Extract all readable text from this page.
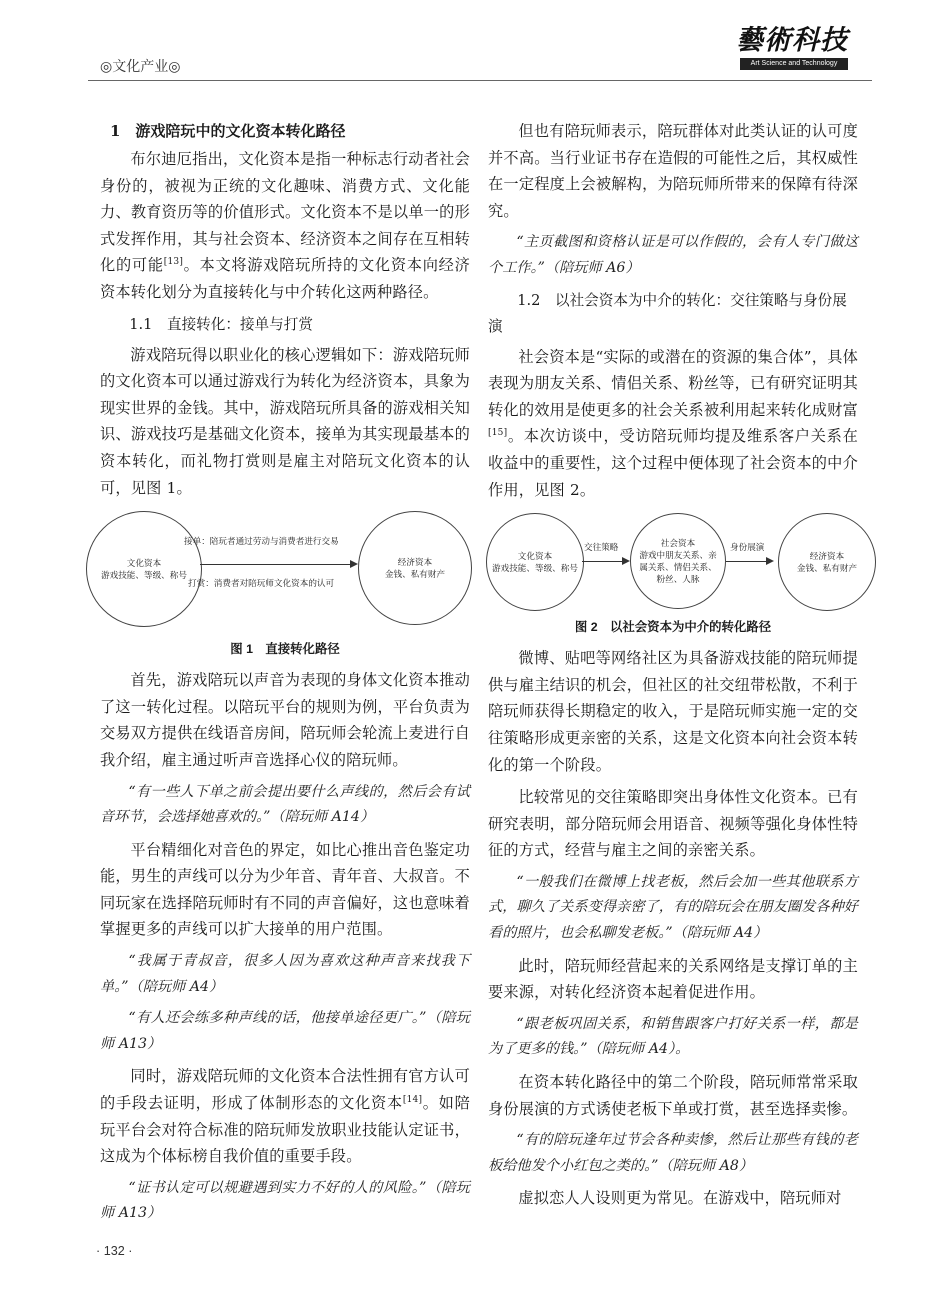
◎文化产业◎
藝術科技
Art Science and Technology
1　游戏陪玩中的文化资本转化路径

布尔迪厄指出，文化资本是指一种标志行动者社会身份的，被视为正统的文化趣味、消费方式、文化能力、教育资历等的价值形式。文化资本不是以单一的形式发挥作用，其与社会资本、经济资本之间存在互相转化的可能[13]。本文将游戏陪玩所持的文化资本向经济资本转化划分为直接转化与中介转化这两种路径。

1.1　直接转化：接单与打赏

游戏陪玩得以职业化的核心逻辑如下：游戏陪玩师的文化资本可以通过游戏行为转化为经济资本，具象为现实世界的金钱。其中，游戏陪玩所具备的游戏相关知识、游戏技巧是基础文化资本，接单为其实现最基本的资本转化，而礼物打赏则是雇主对陪玩文化资本的认可，见图 1。

文化资本
游戏技能、等级、称号
接单：陪玩者通过劳动与消费者进行交易
打赏：消费者对陪玩师文化资本的认可
经济资本
金钱、私有财产
图 1　直接转化路径

首先，游戏陪玩以声音为表现的身体文化资本推动了这一转化过程。以陪玩平台的规则为例，平台负责为交易双方提供在线语音房间，陪玩师会轮流上麦进行自我介绍，雇主通过听声音选择心仪的陪玩师。

“有一些人下单之前会提出要什么声线的，然后会有试音环节，会选择她喜欢的。”（陪玩师 A14）

平台精细化对音色的界定，如比心推出音色鉴定功能，男生的声线可以分为少年音、青年音、大叔音。不同玩家在选择陪玩师时有不同的声音偏好，这也意味着掌握更多的声线可以扩大接单的用户范围。

“我属于青叔音，很多人因为喜欢这种声音来找我下单。”（陪玩师 A4）

“有人还会练多种声线的话，他接单途径更广。”（陪玩师 A13）

同时，游戏陪玩师的文化资本合法性拥有官方认可的手段去证明，形成了体制形态的文化资本[14]。如陪玩平台会对符合标准的陪玩师发放职业技能认定证书，这成为个体标榜自我价值的重要手段。

“证书认定可以规避遇到实力不好的人的风险。”（陪玩师 A13）

但也有陪玩师表示，陪玩群体对此类认证的认可度并不高。当行业证书存在造假的可能性之后，其权威性在一定程度上会被解构，为陪玩师所带来的保障有待深究。

“主页截图和资格认证是可以作假的，会有人专门做这个工作。”（陪玩师 A6）

1.2　以社会资本为中介的转化：交往策略与身份展演

社会资本是“实际的或潜在的资源的集合体”，具体表现为朋友关系、情侣关系、粉丝等，已有研究证明其转化的效用是使更多的社会关系被利用起来转化成财富[15]。本次访谈中，受访陪玩师均提及维系客户关系在收益中的重要性，这个过程中便体现了社会资本的中介作用，见图 2。

文化资本
游戏技能、等级、称号
交往策略	社会资本
游戏中朋友关系、亲属关系、情侣关系、粉丝、人脉
身份展演
经济资本
金钱、私有财产
图 2　以社会资本为中介的转化路径

微博、贴吧等网络社区为具备游戏技能的陪玩师提供与雇主结识的机会，但社区的社交纽带松散，不利于陪玩师获得长期稳定的收入，于是陪玩师实施一定的交往策略形成更亲密的关系，这是文化资本向社会资本转化的第一个阶段。

比较常见的交往策略即突出身体性文化资本。已有研究表明，部分陪玩师会用语音、视频等强化身体性特征的方式，经营与雇主之间的亲密关系。

“一般我们在微博上找老板，然后会加一些其他联系方式，聊久了关系变得亲密了，有的陪玩会在朋友圈发各种好看的照片，也会私聊发老板。”（陪玩师 A4）

此时，陪玩师经营起来的关系网络是支撑订单的主要来源，对转化经济资本起着促进作用。

“跟老板巩固关系，和销售跟客户打好关系一样，都是为了更多的钱。”（陪玩师 A4）。

在资本转化路径中的第二个阶段，陪玩师常常采取身份展演的方式诱使老板下单或打赏，甚至选择卖惨。

“有的陪玩逢年过节会各种卖惨，然后让那些有钱的老板给他发个小红包之类的。”（陪玩师 A8）

虚拟恋人人设则更为常见。在游戏中，陪玩师对

· 132 ·
